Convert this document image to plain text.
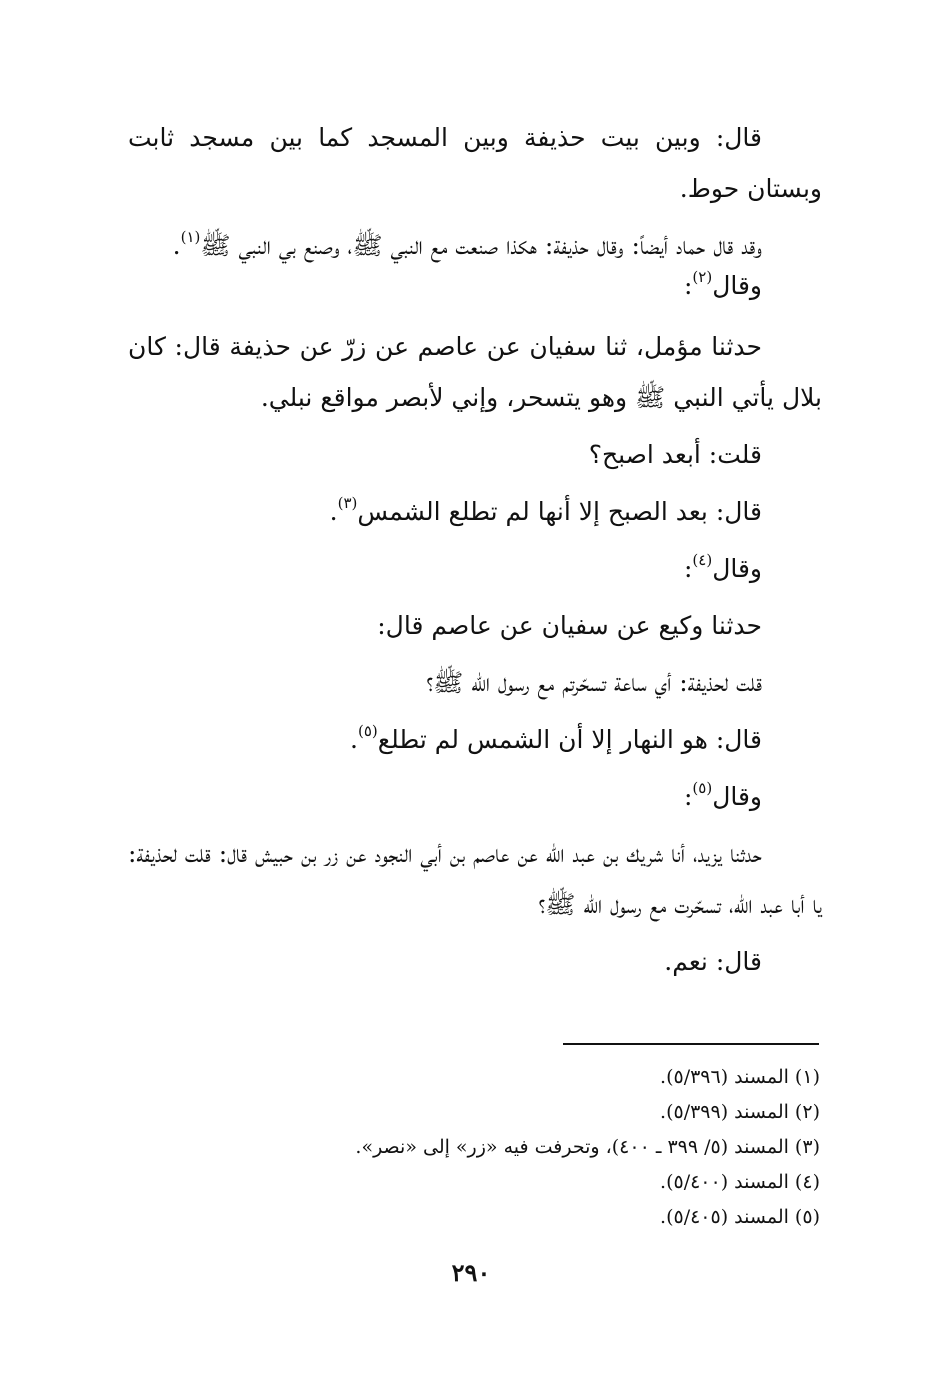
قال: وبين بيت حذيفة وبين المسجد كما بين مسجد ثابت وبستان حوط.

وقد قال حماد أيضاً: وقال حذيفة: هكذا صنعت مع النبي ﷺ، وصنع بي النبي ﷺ$^{(١)}$.

وقال$^{(٢)}$:

حدثنا مؤمل، ثنا سفيان عن عاصم عن زرّ عن حذيفة قال: كان بلال يأتي النبي ﷺ وهو يتسحر، وإني لأبصر مواقع نبلي.

قلت: أبعد اصبح؟

قال: بعد الصبح إلا أنها لم تطلع الشمس$^{(٣)}$.

وقال$^{(٤)}$:

حدثنا وكيع عن سفيان عن عاصم قال:

قلت لحذيفة: أي ساعة تسحّرتم مع رسول الله ﷺ؟

قال: هو النهار إلا أن الشمس لم تطلع$^{(٥)}$.

وقال$^{(٥)}$:

حدثنا يزيد، أنا شريك بن عبد الله عن عاصم بن أبي النجود عن زر بن حبيش قال: قلت لحذيفة: يا أبا عبد الله، تسحّرت مع رسول الله ﷺ؟

قال: نعم.

(١) المسند (٥/٣٩٦).

(٢) المسند (٥/٣٩٩).

(٣) المسند (٥/ ٣٩٩ ـ ٤٠٠)، وتحرفت فيه «زر» إلى «نصر».

(٤) المسند (٥/٤٠٠).

(٥) المسند (٥/٤٠٥).

٢٩٠
